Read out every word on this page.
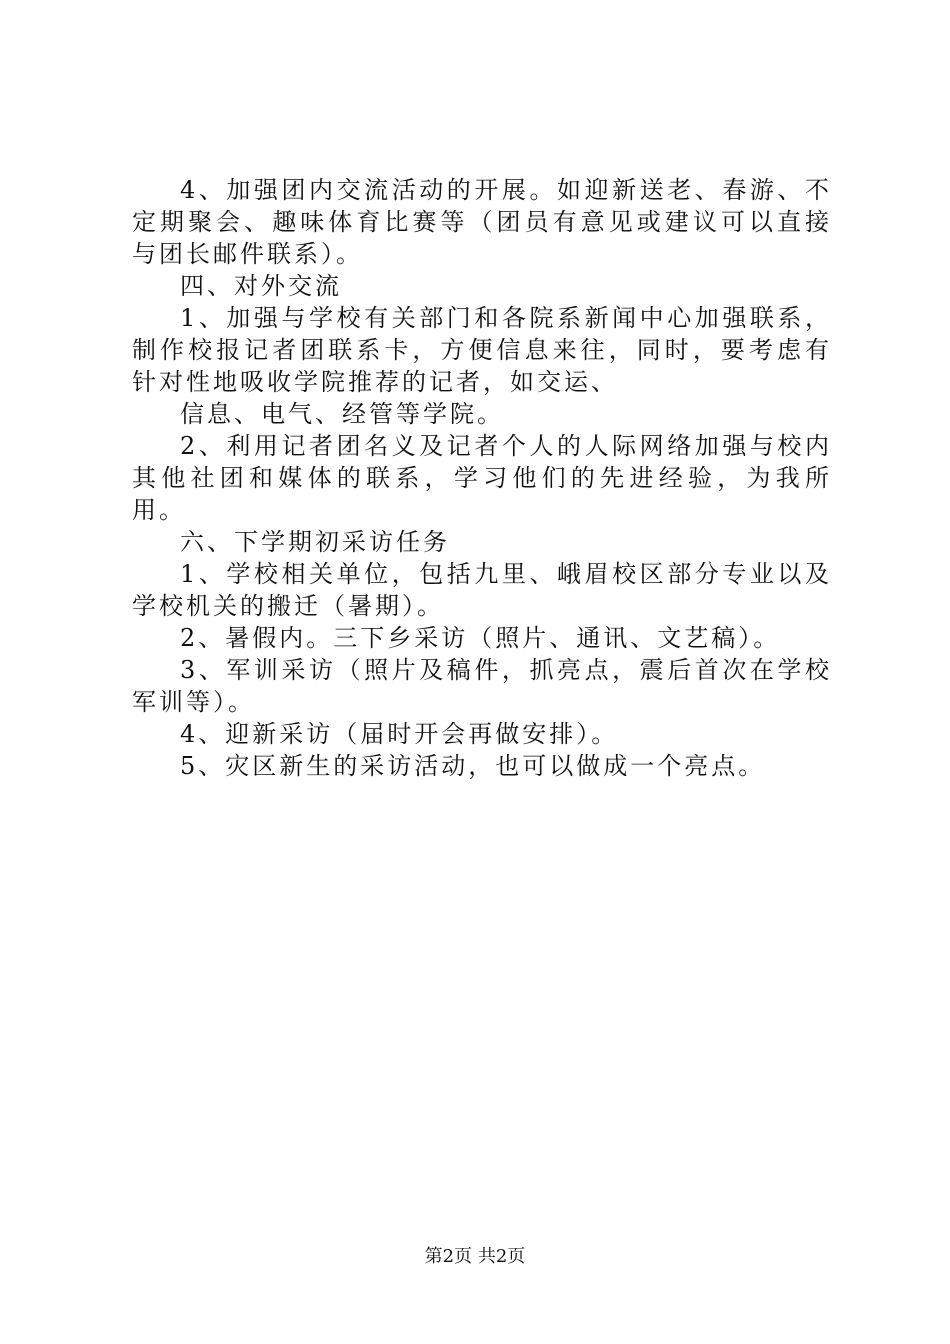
4、加强团内交流活动的开展。如迎新送老、春游、不定期聚会、趣味体育比赛等（团员有意见或建议可以直接与团长邮件联系）。

四、对外交流

1、加强与学校有关部门和各院系新闻中心加强联系，制作校报记者团联系卡，方便信息来往，同时，要考虑有针对性地吸收学院推荐的记者，如交运、

信息、电气、经管等学院。

2、利用记者团名义及记者个人的人际网络加强与校内其他社团和媒体的联系，学习他们的先进经验，为我所用。

六、下学期初采访任务

1、学校相关单位，包括九里、峨眉校区部分专业以及学校机关的搬迁（暑期）。

2、暑假内。三下乡采访（照片、通讯、文艺稿）。

3、军训采访（照片及稿件，抓亮点，震后首次在学校军训等）。

4、迎新采访（届时开会再做安排）。

5、灾区新生的采访活动，也可以做成一个亮点。

第2页 共2页
